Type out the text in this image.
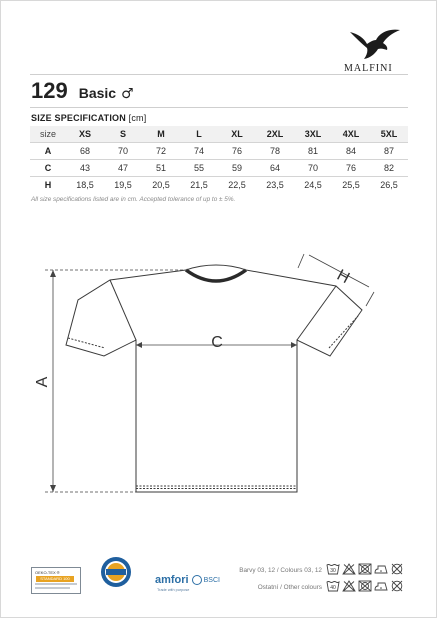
MALFINI
129 Basic ♂
SIZE SPECIFICATION [cm]
size	XS	S	M	L	XL	2XL	3XL	4XL	5XL
A	68	70	72	74	76	78	81	84	87
C	43	47	51	55	59	64	70	76	82
H	18,5	19,5	20,5	21,5	22,5	23,5	24,5	25,5	26,5
All size specifications listed are in cm. Accepted tolerance of up to ± 5%.
C
A
H
OEKO-TEX ®
STANDARD 100	amfori BSCI
Trade with purpose
Barvy 03, 12 / Colours 03, 12
Ostatní / Other colours
30
40
